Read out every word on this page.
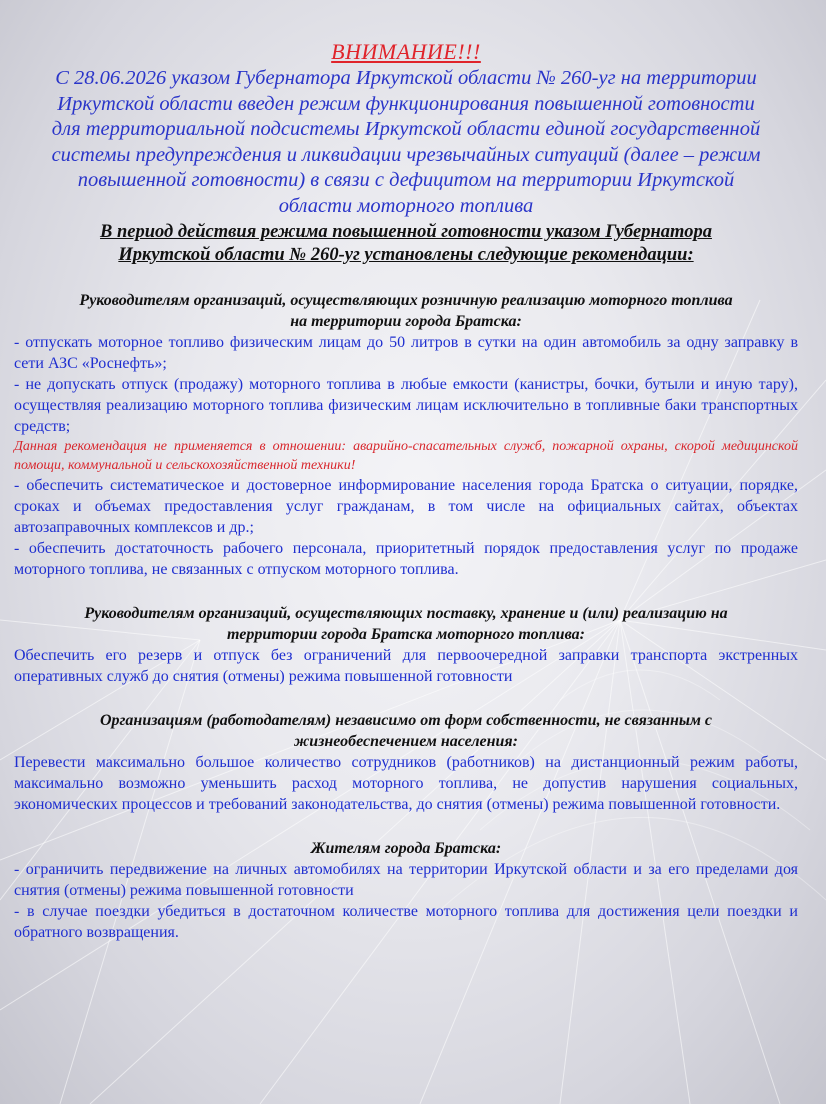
ВНИМАНИЕ!!!
С 28.06.2026 указом Губернатора Иркутской области № 260-уг на территории
Иркутской области введен режим функционирования повышенной готовности
для территориальной подсистемы Иркутской области единой государственной
системы предупреждения и ликвидации чрезвычайных ситуаций (далее – режим
повышенной готовности) в связи с дефицитом на территории Иркутской
области моторного топлива
В период действия режима повышенной готовности указом Губернатора
Иркутской области № 260-уг установлены следующие рекомендации:
Руководителям организаций, осуществляющих розничную реализацию моторного топлива
на территории города Братска:

- отпускать моторное топливо физическим лицам до 50 литров в сутки на один автомобиль за одну заправку в сети АЗС «Роснефть»;

- не допускать отпуск (продажу) моторного топлива в любые емкости (канистры, бочки, бутыли и иную тару), осуществляя реализацию моторного топлива физическим лицам исключительно в топливные баки транспортных средств;

Данная рекомендация не применяется в отношении: аварийно-спасательных служб, пожарной охраны, скорой медицинской помощи, коммунальной и сельскохозяйственной техники!

- обеспечить систематическое и достоверное информирование населения города Братска о ситуации, порядке, сроках и объемах предоставления услуг гражданам, в том числе на официальных сайтах, объектах автозаправочных комплексов и др.;

- обеспечить достаточность рабочего персонала, приоритетный порядок предоставления услуг по продаже моторного топлива, не связанных с отпуском моторного топлива.

Руководителям организаций, осуществляющих поставку, хранение и (или) реализацию на
территории города Братска моторного топлива:

Обеспечить его резерв и отпуск без ограничений для первоочередной заправки транспорта экстренных оперативных служб до снятия (отмены) режима повышенной готовности

Организациям (работодателям) независимо от форм собственности, не связанным с
жизнеобеспечением населения:

Перевести максимально большое количество сотрудников (работников) на дистанционный режим работы, максимально возможно уменьшить расход моторного топлива, не допустив нарушения социальных, экономических процессов и требований законодательства, до снятия (отмены) режима повышенной готовности.

Жителям города Братска:

- ограничить передвижение на личных автомобилях на территории Иркутской области и за его пределами доя снятия (отмены) режима повышенной готовности

- в случае поездки убедиться в достаточном количестве моторного топлива для достижения цели поездки и обратного возвращения.
